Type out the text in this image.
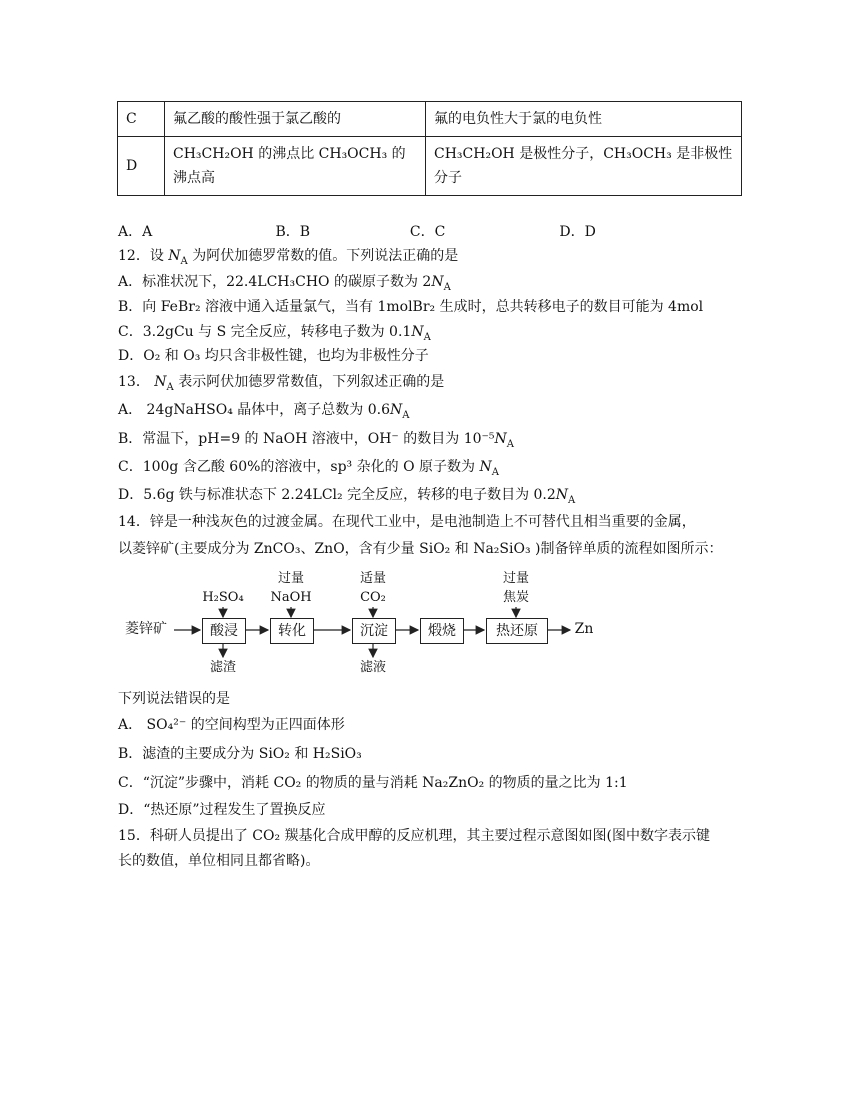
C	氟乙酸的酸性强于氯乙酸的	氟的电负性大于氯的电负性
D	CH₃CH₂OH 的沸点比 CH₃OCH₃ 的沸点高	CH₃CH₂OH 是极性分子，CH₃OCH₃ 是非极性分子
A．A	B．B	C．C	D．D
12．设 $N_A$ 为阿伏加德罗常数的值。下列说法正确的是
A．标准状况下，22.4LCH₃CHO 的碳原子数为 $2N_A$
B．向 FeBr₂ 溶液中通入适量氯气，当有 1molBr₂ 生成时，总共转移电子的数目可能为 4mol
C．3.2gCu 与 S 完全反应，转移电子数为 $0.1N_A$
D．O₂ 和 O₃ 均只含非极性键，也均为非极性分子
13． $N_A$ 表示阿伏加德罗常数值，下列叙述正确的是
A． 24gNaHSO₄ 晶体中，离子总数为 $0.6N_A$
B．常温下，pH=9 的 NaOH 溶液中，OH⁻ 的数目为 $10^{-5}N_A$
C．100g 含乙酸 60%的溶液中，sp³ 杂化的 O 原子数为 $N_A$
D．5.6g 铁与标准状态下 2.24LCl₂ 完全反应，转移的电子数目为 $0.2N_A$
14．锌是一种浅灰色的过渡金属。在现代工业中，是电池制造上不可替代且相当重要的金属，
以菱锌矿(主要成分为 ZnCO₃、ZnO，含有少量 SiO₂ 和 Na₂SiO₃ )制备锌单质的流程如图所示：
菱锌矿	酸浸	转化	沉淀	煅烧	热还原	Zn
H₂SO₄
过量
NaOH
适量
CO₂
过量
焦炭
滤渣	滤液
下列说法错误的是
A． SO₄²⁻ 的空间构型为正四面体形
B．滤渣的主要成分为 SiO₂ 和 H₂SiO₃
C．“沉淀”步骤中，消耗 CO₂ 的物质的量与消耗 Na₂ZnO₂ 的物质的量之比为 1:1
D．“热还原”过程发生了置换反应
15．科研人员提出了 CO₂ 羰基化合成甲醇的反应机理，其主要过程示意图如图(图中数字表示键
长的数值，单位相同且都省略)。
